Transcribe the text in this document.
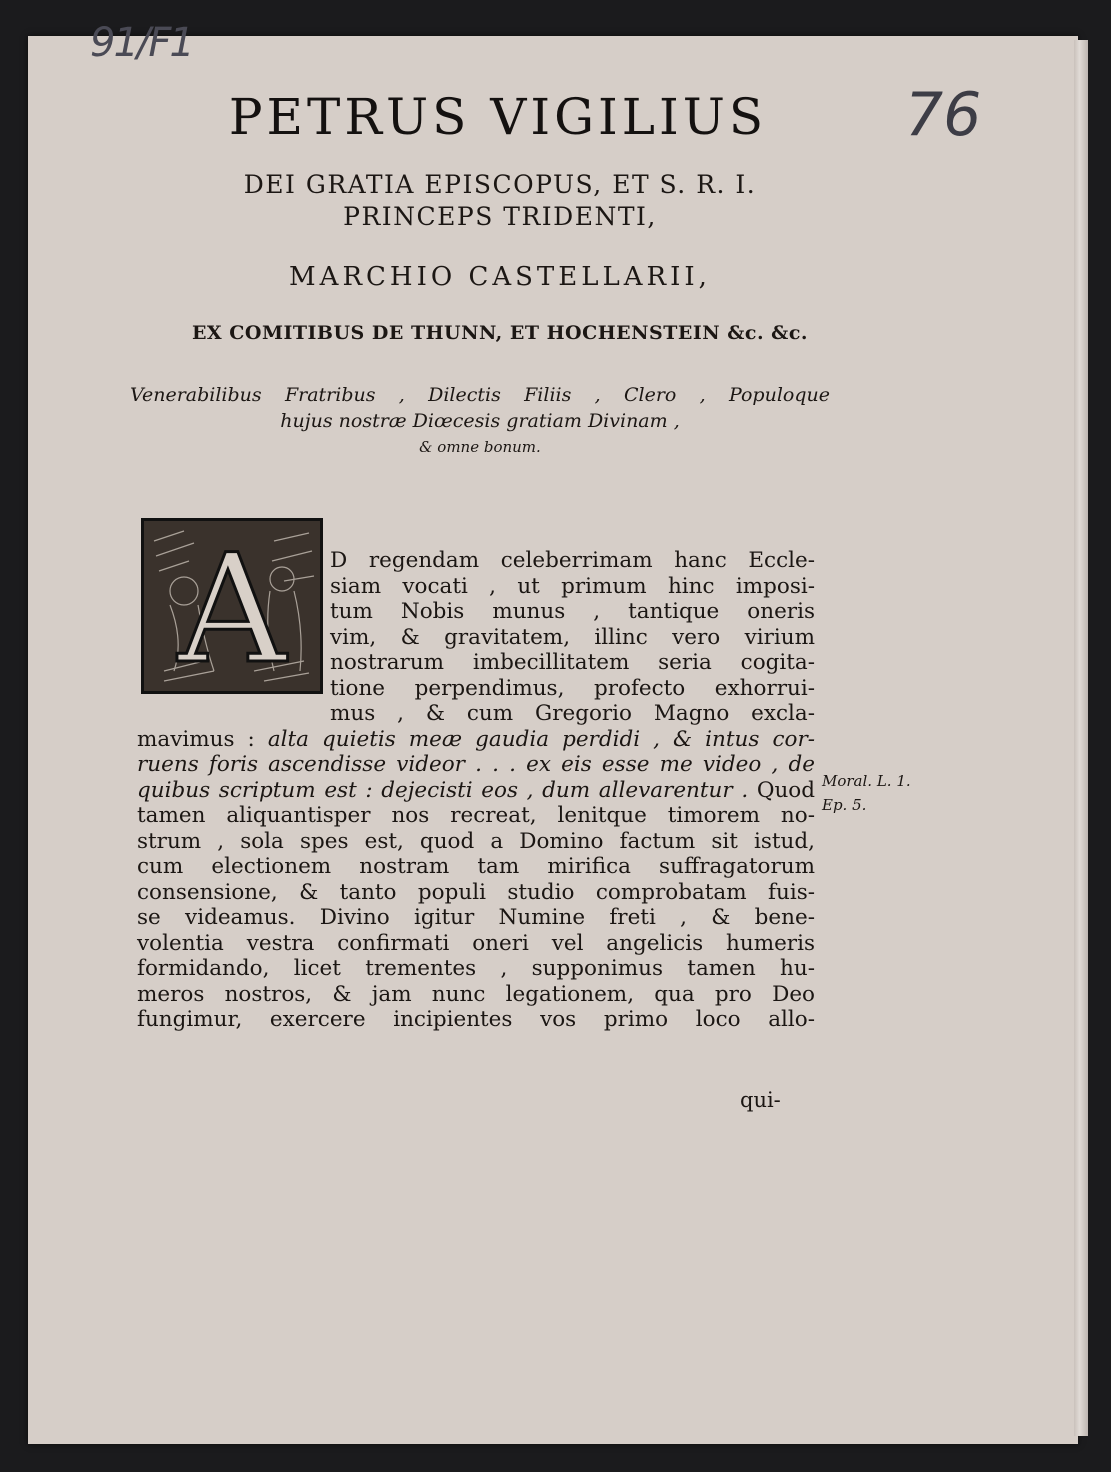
91/F1
76
PETRUS VIGILIUS
DEI GRATIA EPISCOPUS, ET S. R. I.
PRINCEPS TRIDENTI,
MARCHIO CASTELLARII,
EX COMITIBUS DE THUNN, ET HOCHENSTEIN &c. &c.
Venerabilibus Fratribus , Dilectis Filiis , Clero , Populoque
hujus nostræ Diœcesis gratiam Divinam ,
& omne bonum.
A D regendam celeberrimam hanc Eccle-
siam vocati , ut primum hinc imposi-
tum Nobis munus , tantique oneris
vim, & gravitatem, illinc vero virium
nostrarum imbecillitatem seria cogita-
tione perpendimus, profecto exhorrui-
mus , & cum Gregorio Magno excla-
mavimus : alta quietis meæ gaudia perdidi , & intus cor-
ruens foris ascendisse videor . . . ex eis esse me video , de
quibus scriptum est : dejecisti eos , dum allevarentur . Quod
tamen aliquantisper nos recreat, lenitque timorem no-
strum , sola spes est, quod a Domino factum sit istud,
cum electionem nostram tam mirifica suffragatorum
consensione, & tanto populi studio comprobatam fuis-
se videamus. Divino igitur Numine freti , & bene-
volentia vestra confirmati oneri vel angelicis humeris
formidando, licet trementes , supponimus tamen hu-
meros nostros, & jam nunc legationem, qua pro Deo
fungimur, exercere incipientes vos primo loco allo-
qui-
Moral. L. 1.
Ep. 5.
